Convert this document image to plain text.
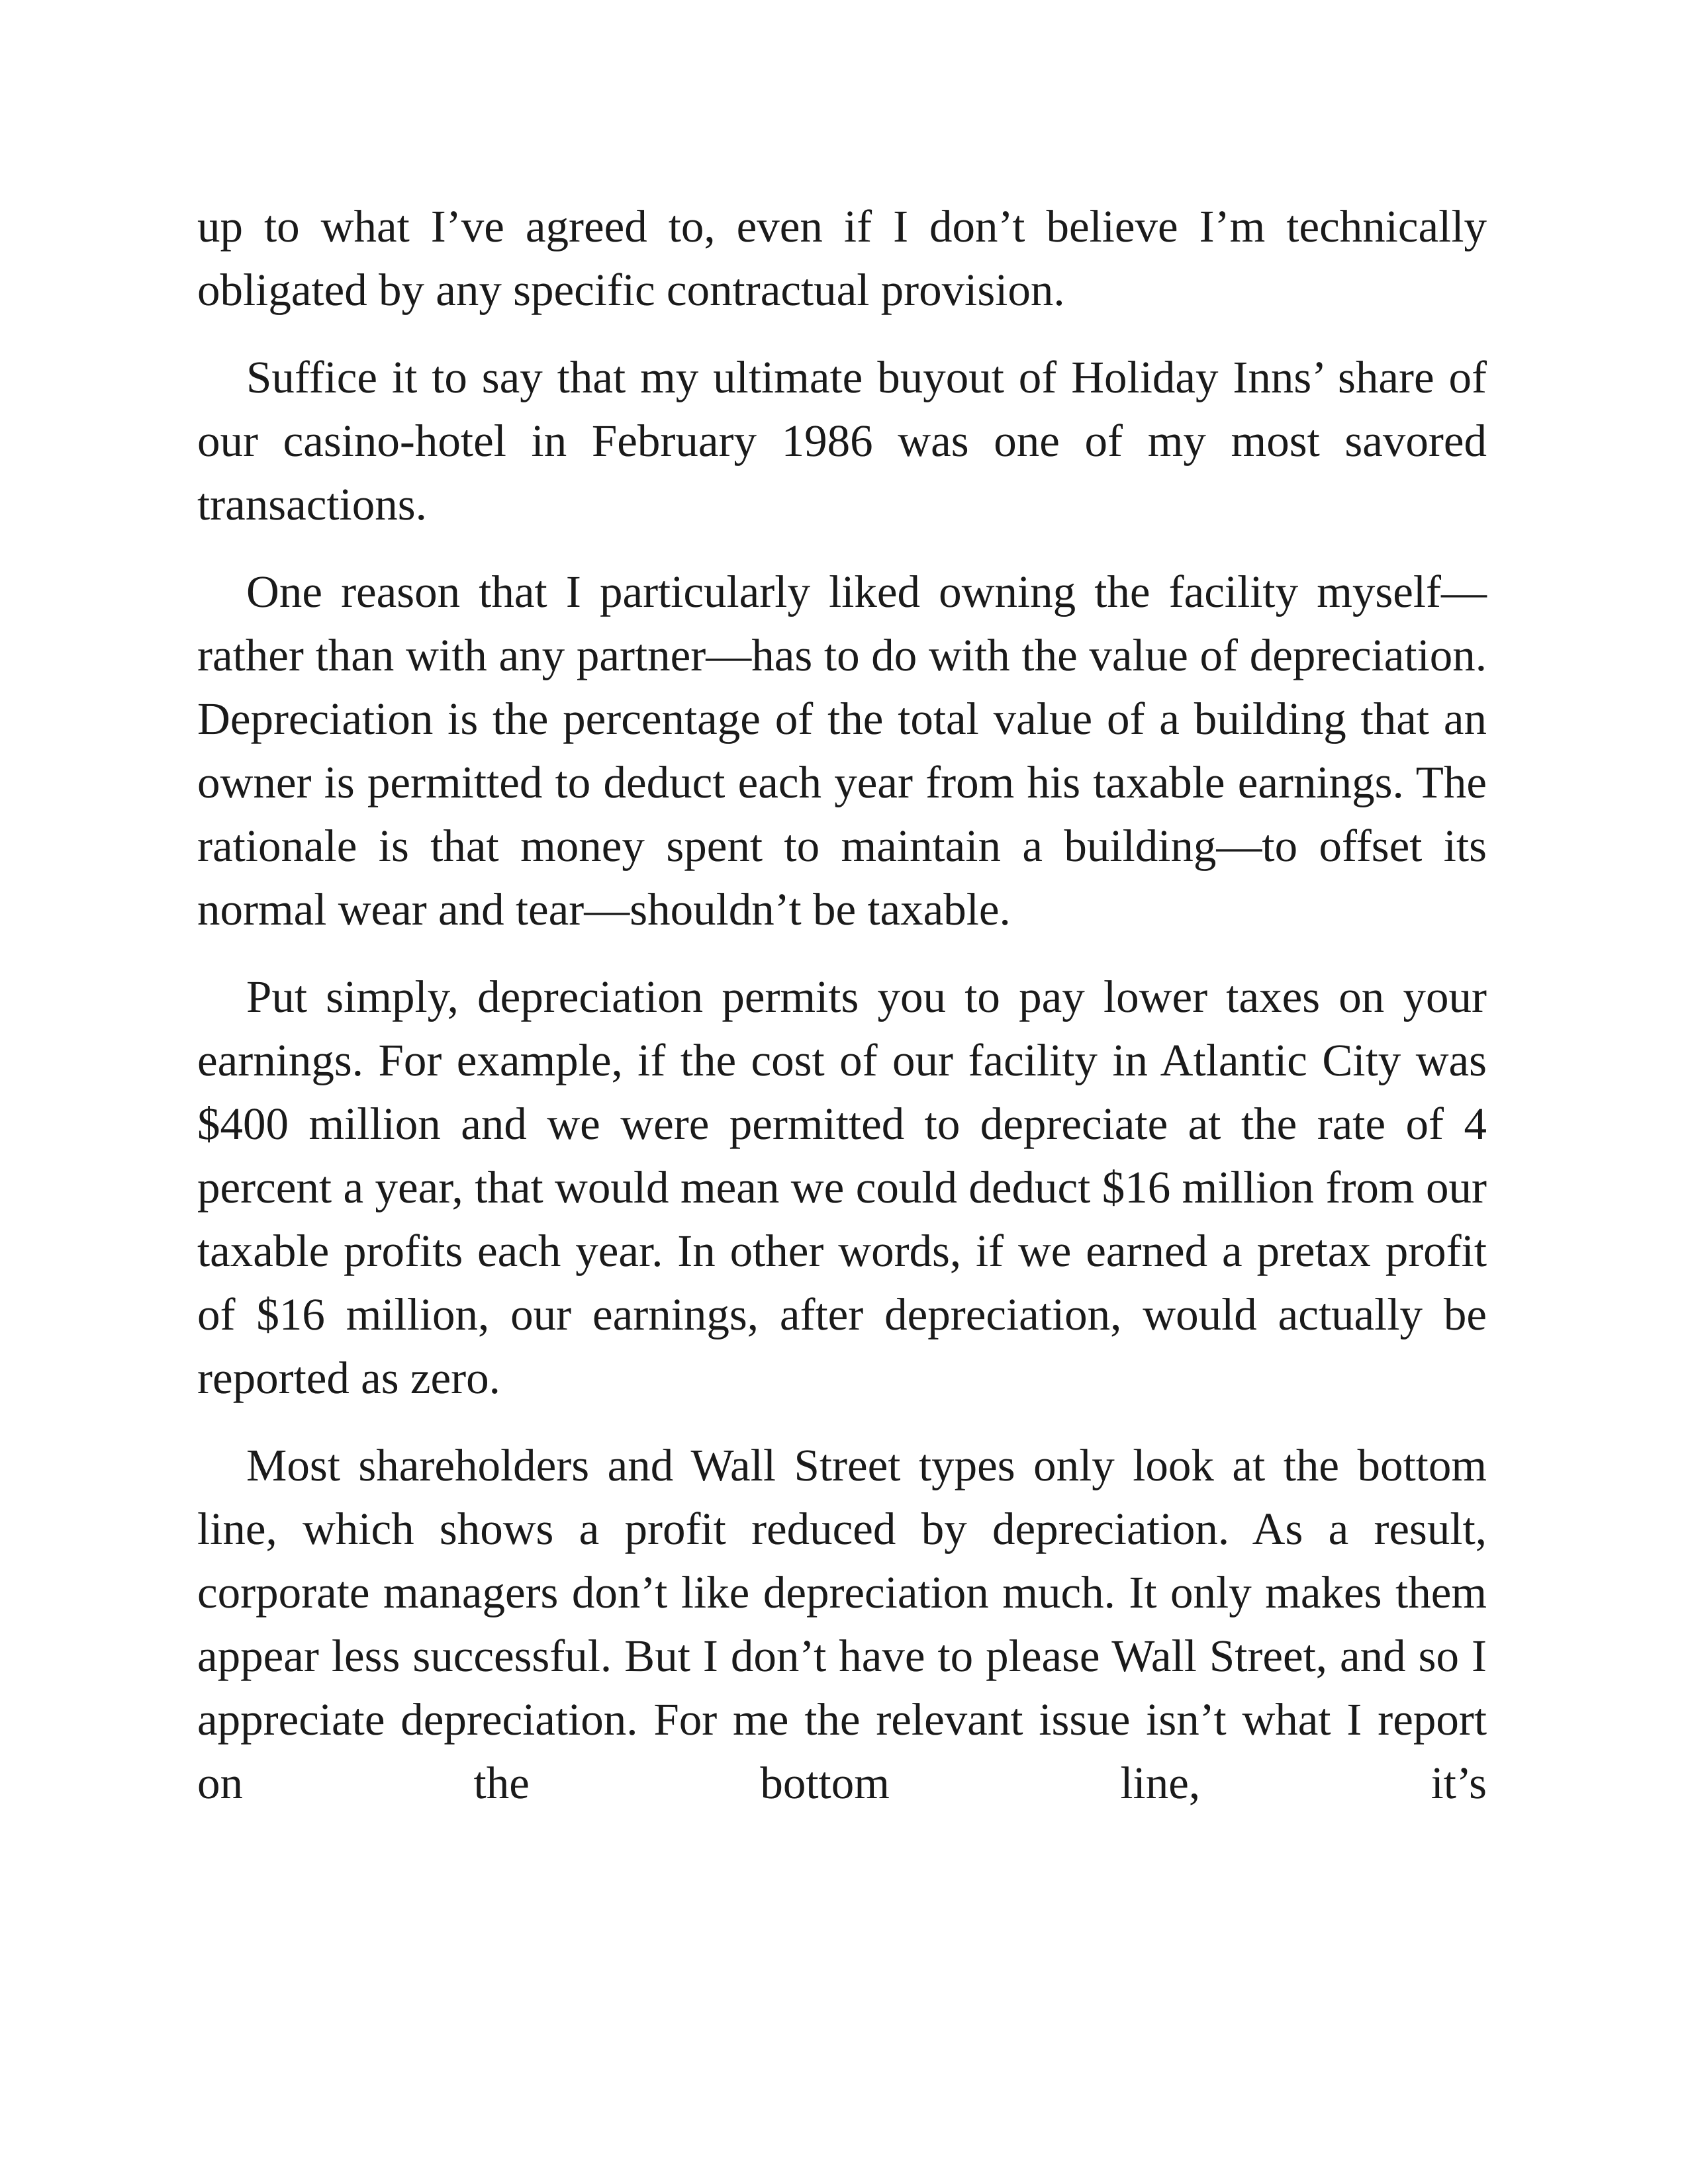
up to what I’ve agreed to, even if I don’t believe I’m technically obligated by any specific contractual provision.

Suffice it to say that my ultimate buyout of Holiday Inns’ share of our casino-hotel in February 1986 was one of my most savored transactions.

One reason that I particularly liked owning the facility myself—rather than with any partner—has to do with the value of depreciation. Depreciation is the percentage of the total value of a building that an owner is permitted to deduct each year from his taxable earnings. The rationale is that money spent to maintain a building—to offset its normal wear and tear—shouldn’t be taxable.

Put simply, depreciation permits you to pay lower taxes on your earnings. For example, if the cost of our facility in Atlantic City was $400 million and we were permitted to depreciate at the rate of 4 percent a year, that would mean we could deduct $16 million from our taxable profits each year. In other words, if we earned a pretax profit of $16 million, our earnings, after depreciation, would actually be reported as zero.

Most shareholders and Wall Street types only look at the bottom line, which shows a profit reduced by depreciation. As a result, corporate managers don’t like depreciation much. It only makes them appear less successful. But I don’t have to please Wall Street, and so I appreciate depreciation. For me the relevant issue isn’t what I report on the bottom line, it’s
